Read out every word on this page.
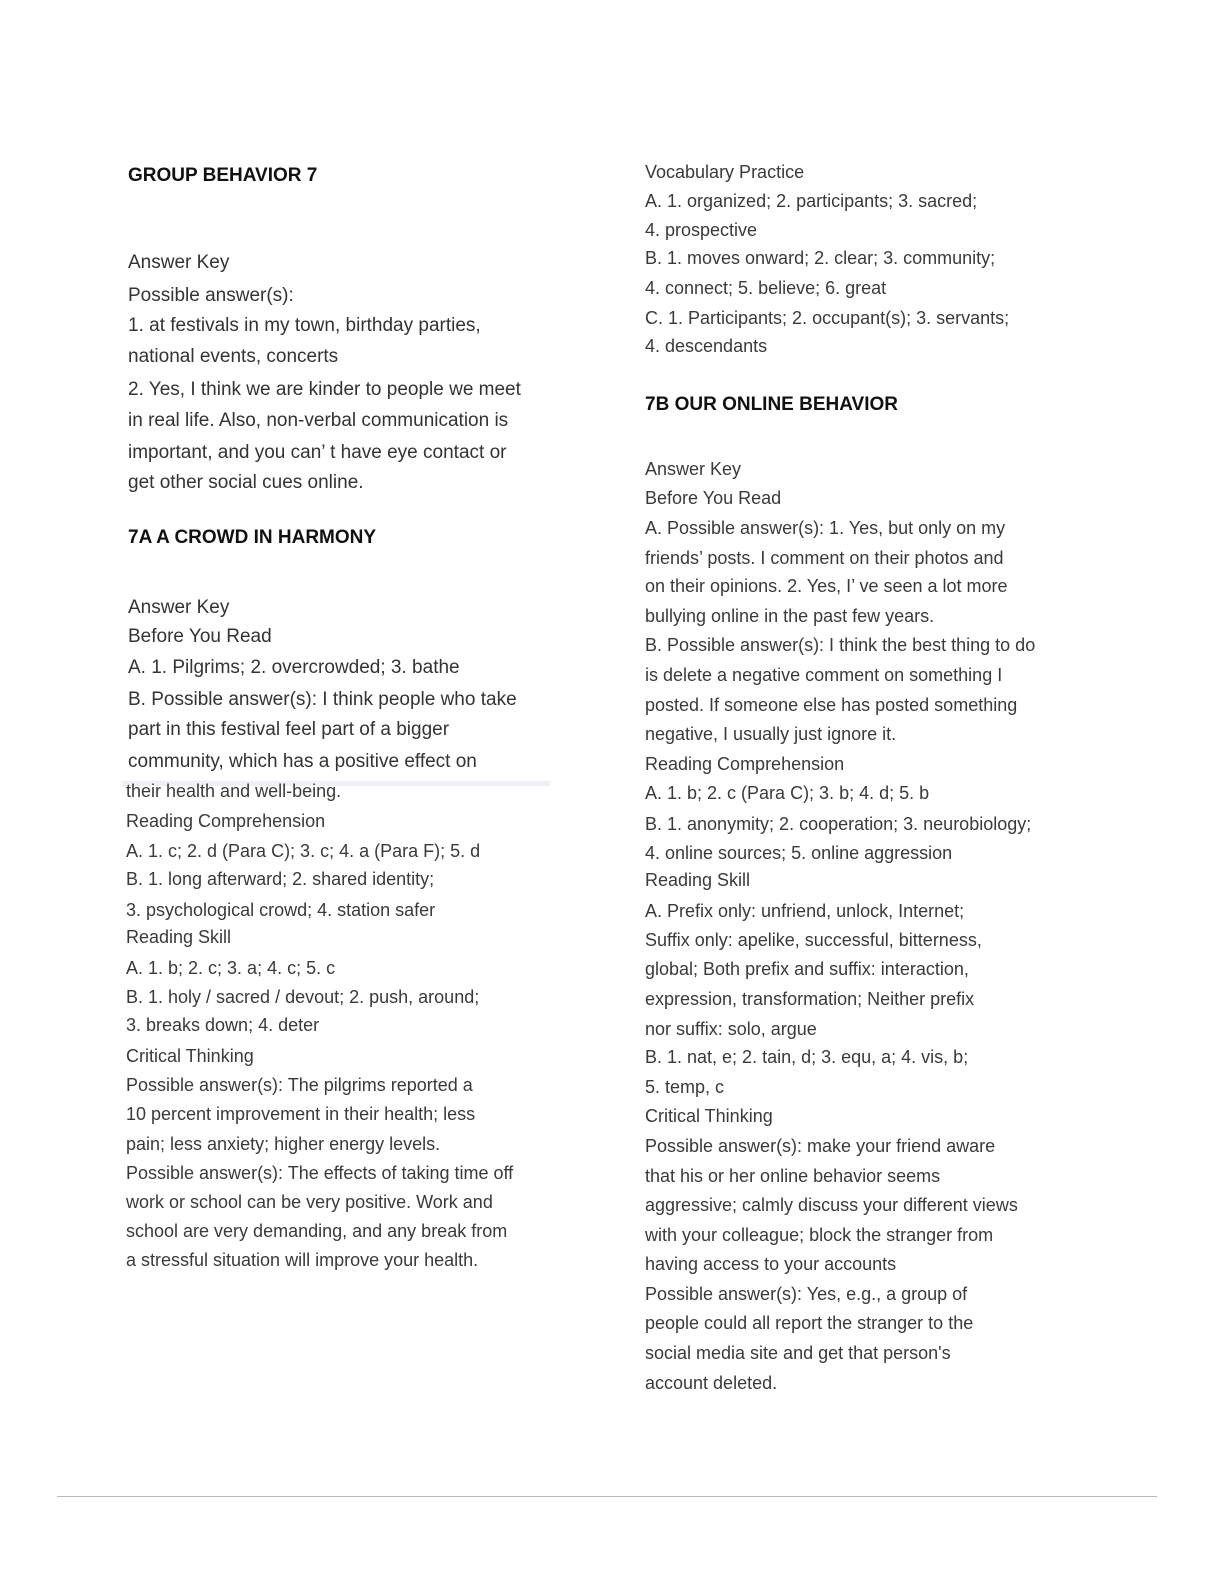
GROUP BEHAVIOR 7
Answer Key
Possible answer(s):
1. at festivals in my town, birthday parties,
national events, concerts
2. Yes, I think we are kinder to people we meet
in real life. Also, non-verbal communication is
important, and you can’ t have eye contact or
get other social cues online.
7A A CROWD IN HARMONY
Answer Key
Before You Read
A. 1. Pilgrims; 2. overcrowded; 3. bathe
B. Possible answer(s): I think people who take
part in this festival feel part of a bigger
community, which has a positive effect on
their health and well-being.
Reading Comprehension
A. 1. c; 2. d (Para C); 3. c; 4. a (Para F); 5. d
B. 1. long afterward; 2. shared identity;
3. psychological crowd; 4. station safer
Reading Skill
A. 1. b; 2. c; 3. a; 4. c; 5. c
B. 1. holy / sacred / devout; 2. push, around;
3. breaks down; 4. deter
Critical Thinking
Possible answer(s): The pilgrims reported a
10 percent improvement in their health; less
pain; less anxiety; higher energy levels.
Possible answer(s): The effects of taking time off
work or school can be very positive. Work and
school are very demanding, and any break from
a stressful situation will improve your health.
Vocabulary Practice
A. 1. organized; 2. participants; 3. sacred;
4. prospective
B. 1. moves onward; 2. clear; 3. community;
4. connect; 5. believe; 6. great
C. 1. Participants; 2. occupant(s); 3. servants;
4. descendants
7B OUR ONLINE BEHAVIOR
Answer Key
Before You Read
A. Possible answer(s): 1. Yes, but only on my
friends’ posts. I comment on their photos and
on their opinions. 2. Yes, I’ ve seen a lot more
bullying online in the past few years.
B. Possible answer(s): I think the best thing to do
is delete a negative comment on something I
posted. If someone else has posted something
negative, I usually just ignore it.
Reading Comprehension
A. 1. b; 2. c (Para C); 3. b; 4. d; 5. b
B. 1. anonymity; 2. cooperation; 3. neurobiology;
4. online sources; 5. online aggression
Reading Skill
A. Prefix only: unfriend, unlock, Internet;
Suffix only: apelike, successful, bitterness,
global; Both prefix and suffix: interaction,
expression, transformation; Neither prefix
nor suffix: solo, argue
B. 1. nat, e; 2. tain, d; 3. equ, a; 4. vis, b;
5. temp, c
Critical Thinking
Possible answer(s): make your friend aware
that his or her online behavior seems
aggressive; calmly discuss your different views
with your colleague; block the stranger from
having access to your accounts
Possible answer(s): Yes, e.g., a group of
people could all report the stranger to the
social media site and get that person's
account deleted.
